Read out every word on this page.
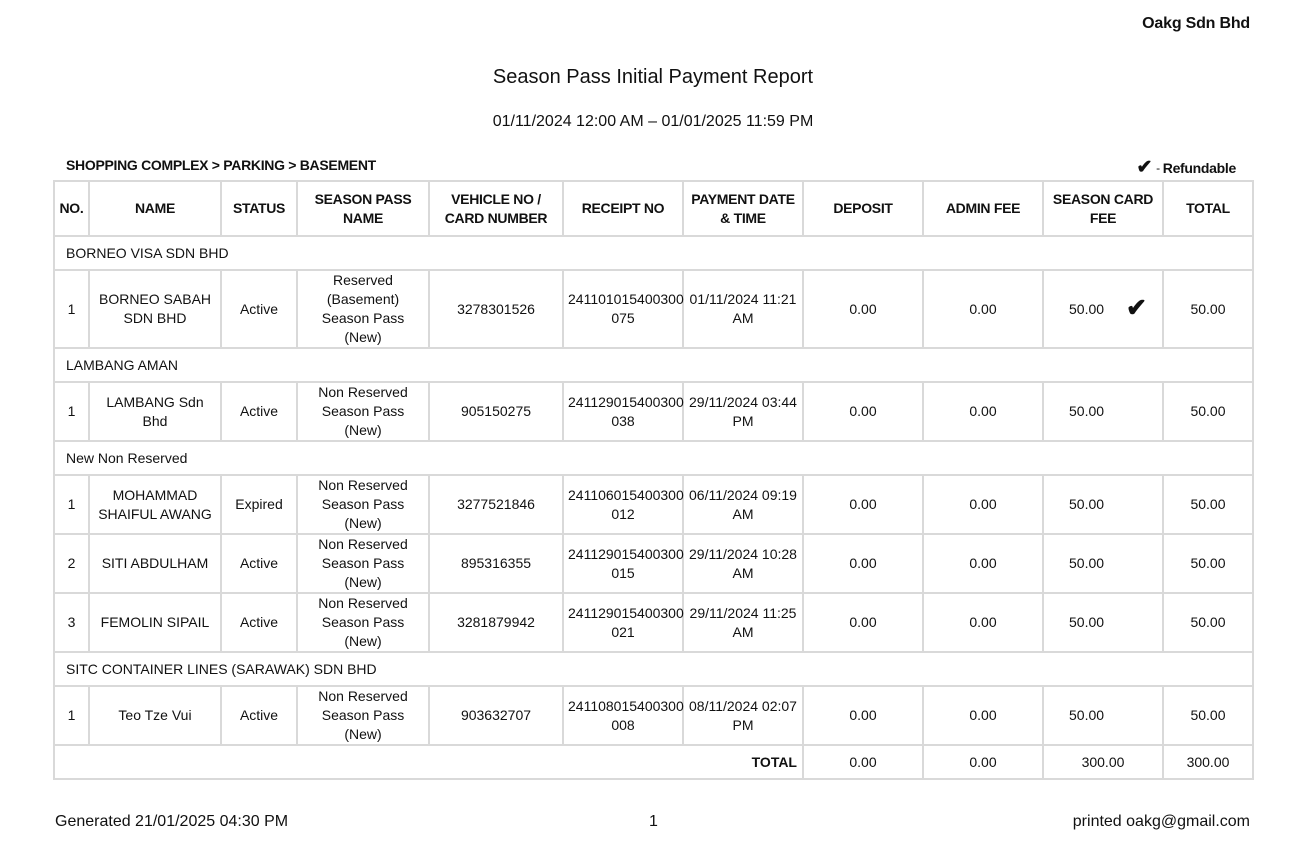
Oakg Sdn Bhd
Season Pass Initial Payment Report
01/11/2024 12:00 AM – 01/01/2025 11:59 PM
SHOPPING COMPLEX > PARKING > BASEMENT	✔ - Refundable
NO.	NAME	STATUS	SEASON PASS NAME	VEHICLE NO / CARD NUMBER	RECEIPT NO	PAYMENT DATE & TIME	DEPOSIT	ADMIN FEE	SEASON CARD FEE	TOTAL
BORNEO VISA SDN BHD										
1	BORNEO SABAH SDN BHD	Active	Reserved (Basement) Season Pass (New)	3278301526	241101015400300 075	01/11/2024 11:21 AM	0.00	0.00	50.00 ✔	50.00
LAMBANG AMAN										
1	LAMBANG Sdn Bhd	Active	Non Reserved Season Pass (New)	905150275	241129015400300 038	29/11/2024 03:44 PM	0.00	0.00	50.00	50.00
New Non Reserved										
1	MOHAMMAD SHAIFUL AWANG	Expired	Non Reserved Season Pass (New)	3277521846	241106015400300 012	06/11/2024 09:19 AM	0.00	0.00	50.00	50.00
2	SITI ABDULHAM	Active	Non Reserved Season Pass (New)	895316355	241129015400300 015	29/11/2024 10:28 AM	0.00	0.00	50.00	50.00
3	FEMOLIN SIPAIL	Active	Non Reserved Season Pass (New)	3281879942	241129015400300 021	29/11/2024 11:25 AM	0.00	0.00	50.00	50.00
SITC CONTAINER LINES (SARAWAK) SDN BHD										
1	Teo Tze Vui	Active	Non Reserved Season Pass (New)	903632707	241108015400300 008	08/11/2024 02:07 PM	0.00	0.00	50.00	50.00
TOTAL							0.00	0.00	300.00	300.00
Generated 21/01/2025 04:30 PM	1	printed oakg@gmail.com
